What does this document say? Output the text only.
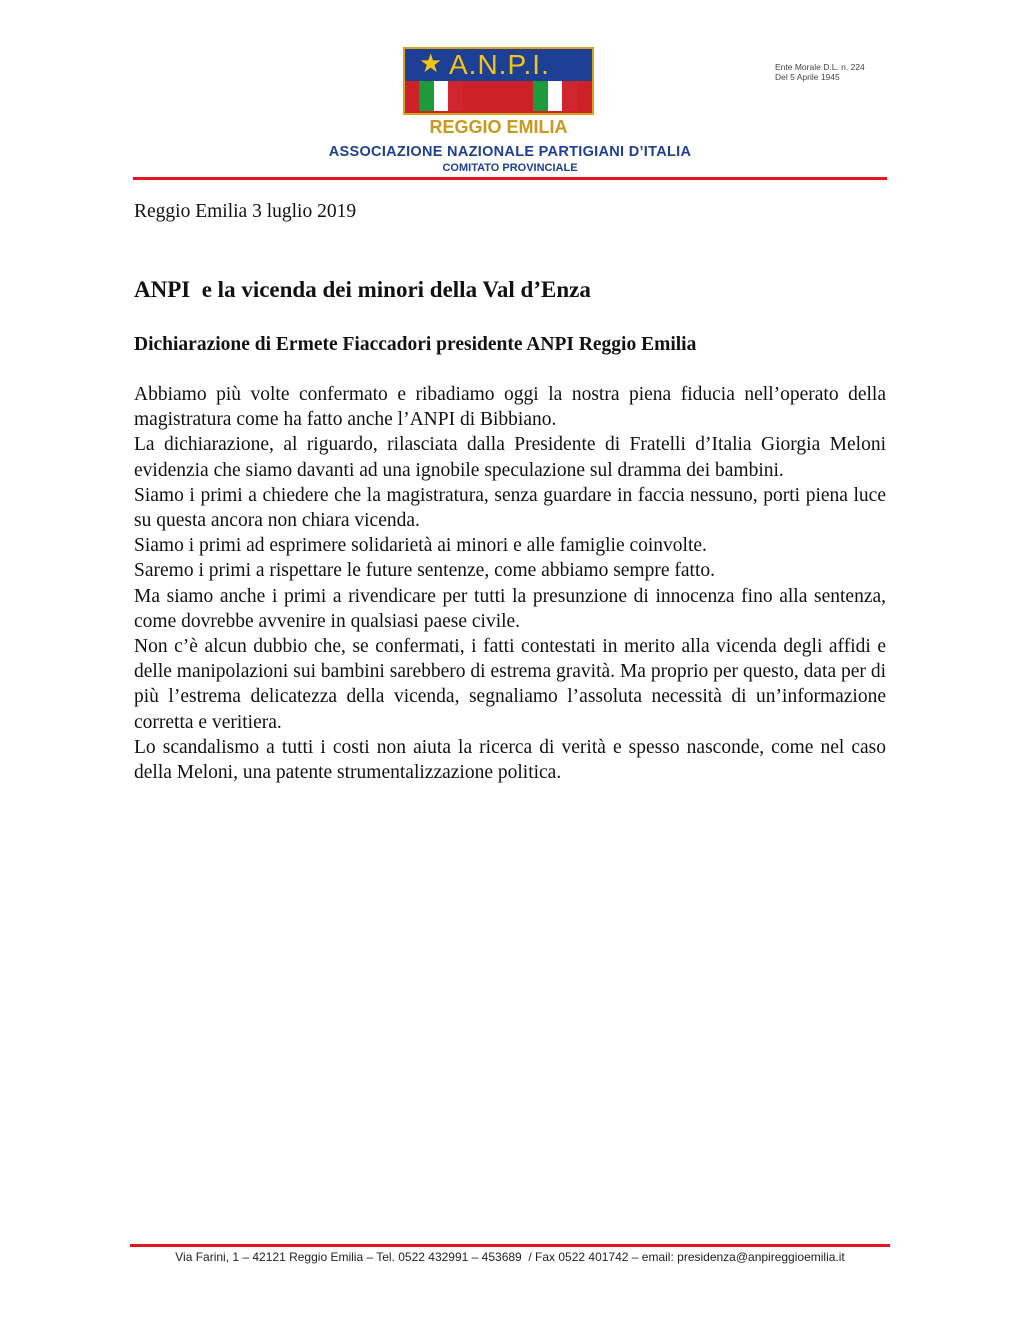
★ A.N.P.I.
REGGIO EMILIA
Ente Morale D.L. n. 224
Del 5 Aprile 1945
ASSOCIAZIONE NAZIONALE PARTIGIANI D’ITALIA
COMITATO PROVINCIALE
Reggio Emilia 3 luglio 2019
ANPI  e la vicenda dei minori della Val d’Enza
Dichiarazione di Ermete Fiaccadori presidente ANPI Reggio Emilia

Abbiamo più volte confermato e ribadiamo oggi la nostra piena fiducia nell’operato della magistratura come ha fatto anche l’ANPI di Bibbiano.

La dichiarazione, al riguardo, rilasciata dalla Presidente di Fratelli d’Italia Giorgia Meloni evidenzia che siamo davanti ad una ignobile speculazione sul dramma dei bambini.

Siamo i primi a chiedere che la magistratura, senza guardare in faccia nessuno, porti piena luce su questa ancora non chiara vicenda.

Siamo i primi ad esprimere solidarietà ai minori e alle famiglie coinvolte.

Saremo i primi a rispettare le future sentenze, come abbiamo sempre fatto.

Ma siamo anche i primi a rivendicare per tutti la presunzione di innocenza fino alla sentenza, come dovrebbe avvenire in qualsiasi paese civile.

Non c’è alcun dubbio che, se confermati, i fatti contestati in merito alla vicenda degli affidi e delle manipolazioni sui bambini sarebbero di estrema gravità. Ma proprio per questo, data per di più l’estrema delicatezza della vicenda, segnaliamo l’assoluta necessità di un’informazione corretta e veritiera.

Lo scandalismo a tutti i costi non aiuta la ricerca di verità e spesso nasconde, come nel caso della Meloni, una patente strumentalizzazione politica.

Via Farini, 1 – 42121 Reggio Emilia – Tel. 0522 432991 – 453689  / Fax 0522 401742 – email: presidenza@anpireggioemilia.it
